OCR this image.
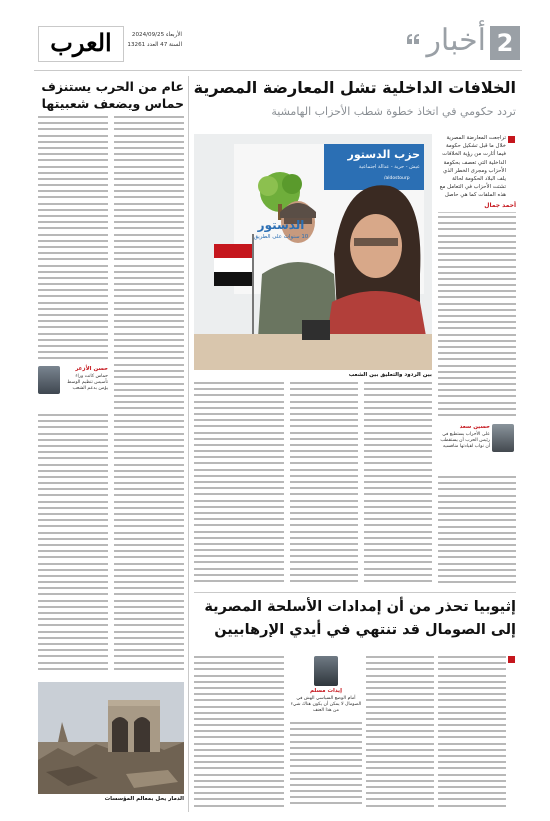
العرب	الأربعاء 2024/09/25
السنة 47 العدد 13261	أخبار 2
عام من الحرب يستنزف حماس ويضعف شعبيتها
حسن الأزعر
حماس كانت وراء تأسيس تنظيم الوسط يؤمن بدعم الشعب
الدمار يحل بمعالم المؤسسات
الخلافات الداخلية تشل المعارضة المصرية
تردد حكومي في اتخاذ خطوة شطب الأحزاب الهامشية
تراجعت المعارضة المصرية خلال ما قبل تشكيل حكومة فيما أثارت من رؤية الخلافات الداخلية التي تعصف بحكومة الأحزاب ومجرى الخطر الذي يلف البلاد الحكومة لحالة تشتت الأحزاب في التعامل مع هذه الملفات كما هي حاصل
أحمد جمال
حسين سعد
على الأحزاب يستطيع في رئيس الحزب أن يستقطب أن نواب لقيادتها منافسيه
حزب الدستور
عيش - حرية - عدالة اجتماعية
/aldostourp
الدستور
10 سنوات على الطريق
بين الردود والتعليق بين الشعب
إثيوبيا تحذر من أن إمدادات الأسلحة المصرية إلى الصومال قد تنتهي في أيدي الإرهابيين
إيدات مسلم
أمام الوضع السياسي الهش في الصومال لا يمكن أن يكون هناك شيء من هذا العنف
